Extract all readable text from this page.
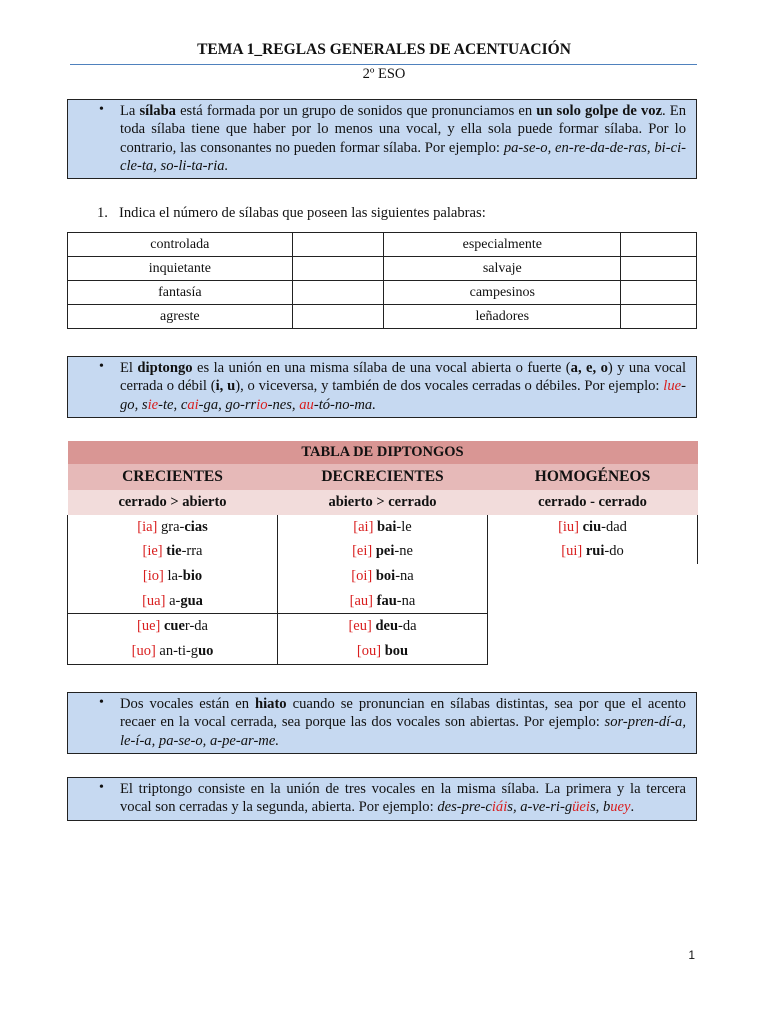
TEMA 1_REGLAS GENERALES DE ACENTUACIÓN
2º ESO
• La sílaba está formada por un grupo de sonidos que pronunciamos en un solo golpe de voz. En toda sílaba tiene que haber por lo menos una vocal, y ella sola puede formar sílaba. Por lo contrario, las consonantes no pueden formar sílaba. Por ejemplo: pa-se-o, en-re-da-de-ras, bi-ci-cle-ta, so-li-ta-ria.

1. Indica el número de sílabas que poseen las siguientes palabras:
controlada		especialmente	
inquietante		salvaje	
fantasía		campesinos	
agreste		leñadores	
• El diptongo es la unión en una misma sílaba de una vocal abierta o fuerte (a, e, o) y una vocal cerrada o débil (i, u), o viceversa, y también de dos vocales cerradas o débiles. Por ejemplo: lue-go, sie-te, cai-ga, go-rrio-nes, au-tó-no-ma.

TABLA DE DIPTONGOS		
CRECIENTES	DECRECIENTES	HOMOGÉNEOS
cerrado > abierto	abierto > cerrado	cerrado - cerrado
[ia] gra-cias	[ai] bai-le	[iu] ciu-dad
[ie] tie-rra	[ei] pei-ne	[ui] rui-do
[io] la-bio	[oi] boi-na	
[ua] a-gua	[au] fau-na	
[ue] cuer-da	[eu] deu-da	
[uo] an-ti-guo	[ou] bou	
• Dos vocales están en hiato cuando se pronuncian en sílabas distintas, sea por que el acento recaer en la vocal cerrada, sea porque las dos vocales son abiertas. Por ejemplo: sor-pren-dí-a, le-í-a, pa-se-o, a-pe-ar-me.

• El triptongo consiste en la unión de tres vocales en la misma sílaba. La primera y la tercera vocal son cerradas y la segunda, abierta. Por ejemplo: des-pre-ciáis, a-ve-ri-güeis, buey.

1
